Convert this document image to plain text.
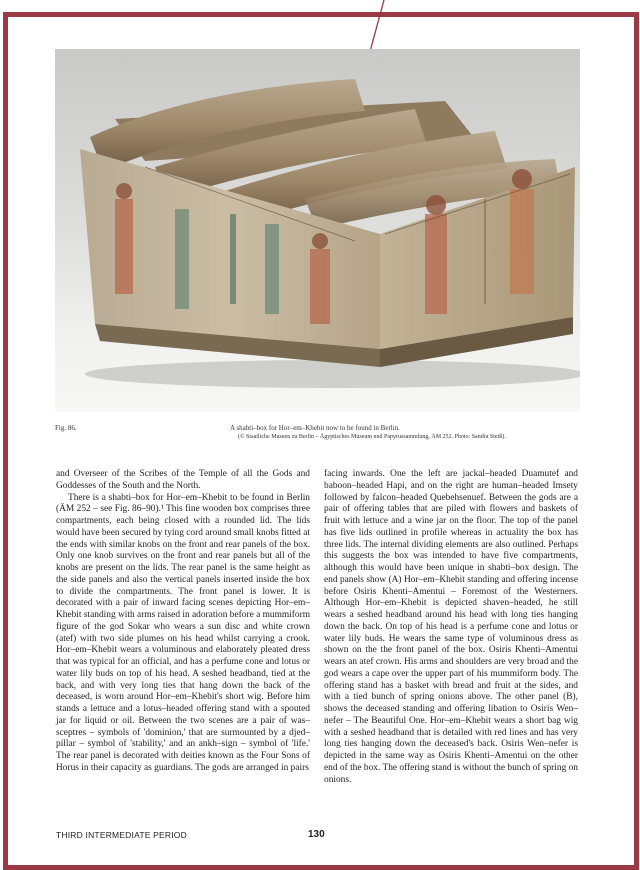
Fig. 86.	A shabti–box for Hor–em–Khebit now to be found in Berlin.
(© Staatliche Museen zu Berlin – Ägyptisches Museum und Papyrussammlung, ÄM 252. Photo: Sandra Steiß).

and Overseer of the Scribes of the Temple of all the Gods and Goddesses of the South and the North.

There is a shabti–box for Hor–em–Khebit to be found in Berlin (ÄM 252 – see Fig. 86–90).¹ This fine wooden box comprises three compartments, each being closed with a rounded lid. The lids would have been secured by tying cord around small knobs fitted at the ends with similar knobs on the front and rear panels of the box. Only one knob survives on the front and rear panels but all of the knobs are present on the lids. The rear panel is the same height as the side panels and also the vertical panels inserted inside the box to divide the compartments. The front panel is lower. It is decorated with a pair of inward facing scenes depicting Hor–em–Khebit standing with arms raised in adoration before a mummiform figure of the god Sokar who wears a sun disc and white crown (atef) with two side plumes on his head whilst carrying a crook. Hor–em–Khebit wears a voluminous and elaborately pleated dress that was typical for an official, and has a perfume cone and lotus or water lily buds on top of his head. A seshed headband, tied at the back, and with very long ties that hang down the back of the deceased, is worn around Hor–em–Khebit's short wig. Before him stands a lettuce and a lotus–headed offering stand with a spouted jar for liquid or oil. Between the two scenes are a pair of was–sceptres – symbols of 'dominion,' that are surmounted by a djed–pillar – symbol of 'stability,' and an ankh–sign – symbol of 'life.' The rear panel is decorated with deities known as the Four Sons of Horus in their capacity as guardians. The gods are arranged in pairs

facing inwards. One the left are jackal–headed Duamutef and baboon–headed Hapi, and on the right are human–headed Imsety followed by falcon–headed Quebehsenuef. Between the gods are a pair of offering tables that are piled with flowers and baskets of fruit with lettuce and a wine jar on the floor. The top of the panel has five lids outlined in profile whereas in actuality the box has three lids. The internal dividing elements are also outlined. Perhaps this suggests the box was intended to have five compartments, although this would have been unique in shabti–box design. The end panels show (A) Hor–em–Khebit standing and offering incense before Osiris Khenti–Amentui – Foremost of the Westerners. Although Hor–em–Khebit is depicted shaven–headed, he still wears a seshed headband around his head with long ties hanging down the back. On top of his head is a perfume cone and lotus or water lily buds. He wears the same type of voluminous dress as shown on the the front panel of the box. Osiris Khenti–Amentui wears an atef crown. His arms and shoulders are very broad and the god wears a cape over the upper part of his mummiform body. The offering stand has a basket with bread and fruit at the sides, and with a tied bunch of spring onions above. The other panel (B), shows the deceased standing and offering libation to Osiris Wen–nefer – The Beautiful One. Hor–em–Khebit wears a short bag wig with a seshed headband that is detailed with red lines and has very long ties hanging down the deceased's back. Osiris Wen–nefer is depicted in the same way as Osiris Khenti–Amentui on the other end of the box. The offering stand is without the bunch of spring on onions.

THIRD INTERMEDIATE PERIOD	130
